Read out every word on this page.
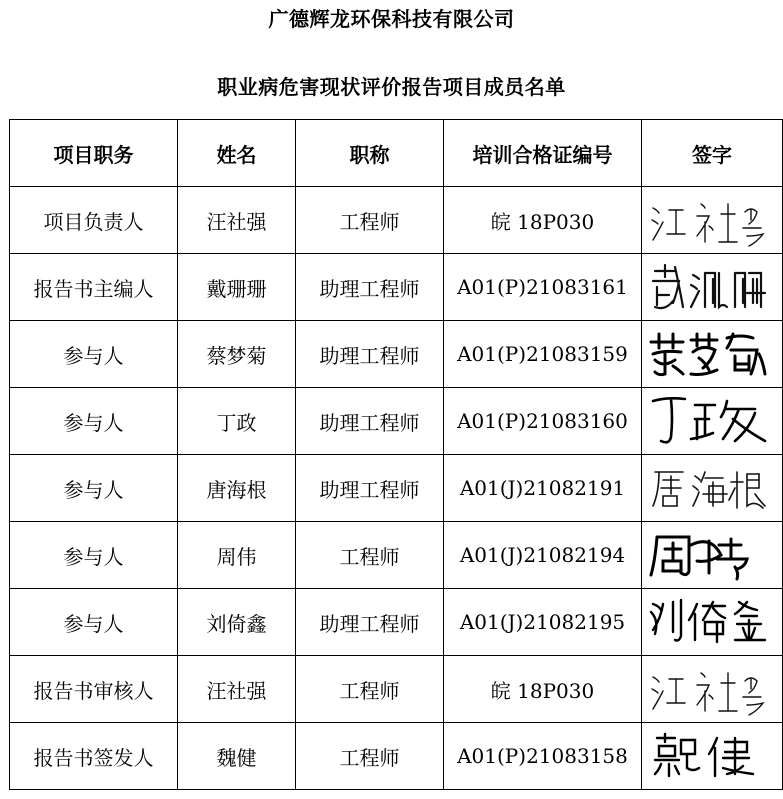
广德辉龙环保科技有限公司
职业病危害现状评价报告项目成员名单
项目职务	姓名	职称	培训合格证编号	签字
项目负责人	汪社强	工程师	皖 18P030	

报告书主编人	戴珊珊	助理工程师	A01(P)21083161	

参与人	蔡梦菊	助理工程师	A01(P)21083159	

参与人	丁政	助理工程师	A01(P)21083160	

参与人	唐海根	助理工程师	A01(J)21082191	

参与人	周伟	工程师	A01(J)21082194	

参与人	刘倚鑫	助理工程师	A01(J)21082195	

报告书审核人	汪社强	工程师	皖 18P030	

报告书签发人	魏健	工程师	A01(P)21083158	
